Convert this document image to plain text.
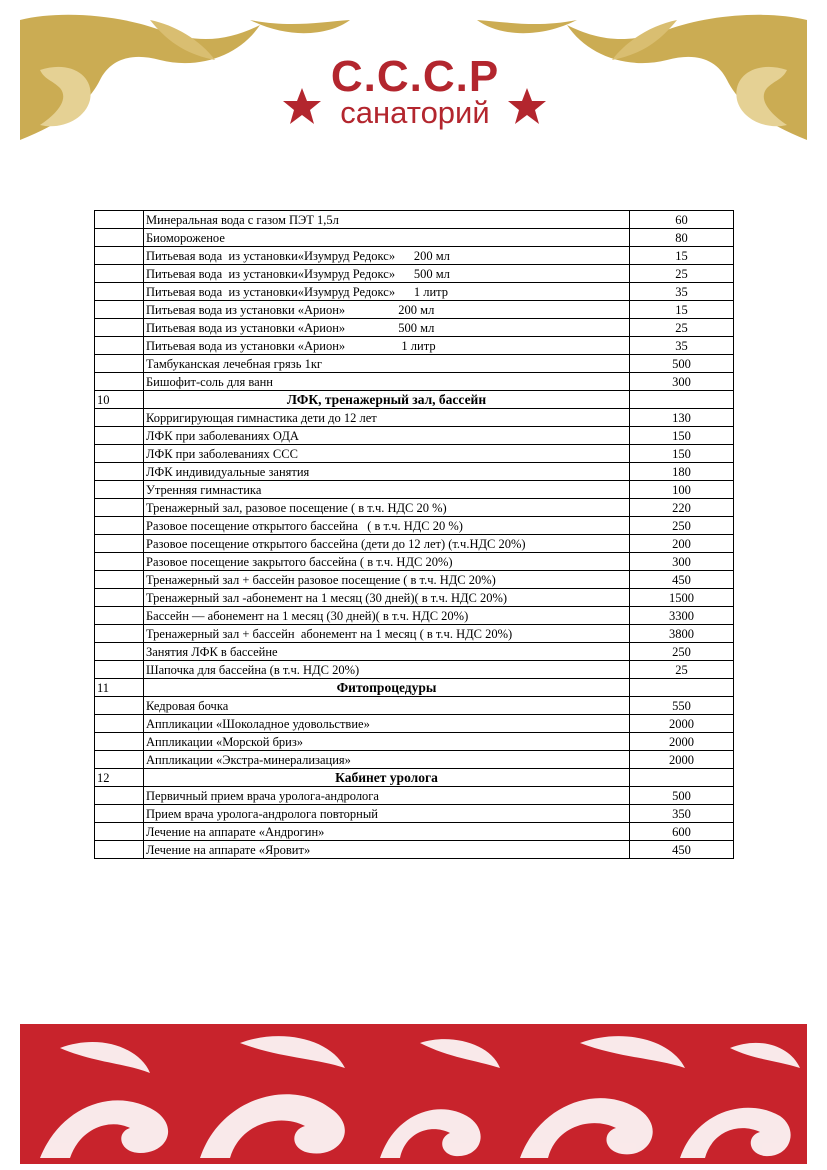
С.С.С.Р
санаторий
	Минеральная вода с газом ПЭТ 1,5л	60
	Биомороженое	80
	Питьевая вода  из установки«Изумруд Редокс»      200 мл	15
	Питьевая вода  из установки«Изумруд Редокс»      500 мл	25
	Питьевая вода  из установки«Изумруд Редокс»      1 литр	35
	Питьевая вода из установки «Арион»                 200 мл	15
	Питьевая вода из установки «Арион»                 500 мл	25
	Питьевая вода из установки «Арион»                  1 литр	35
	Тамбуканская лечебная грязь 1кг	500
	Бишофит-соль для ванн	300
10	ЛФК, тренажерный зал, бассейн	
	Корригирующая гимнастика дети до 12 лет	130
	ЛФК при заболеваниях ОДА	150
	ЛФК при заболеваниях ССС	150
	ЛФК индивидуальные занятия	180
	Утренняя гимнастика	100
	Тренажерный зал, разовое посещение ( в т.ч. НДС 20 %)	220
	Разовое посещение открытого бассейна   ( в т.ч. НДС 20 %)	250
	Разовое посещение открытого бассейна (дети до 12 лет) (т.ч.НДС 20%)	200
	Разовое посещение закрытого бассейна ( в т.ч. НДС 20%)	300
	Тренажерный зал + бассейн разовое посещение ( в т.ч. НДС 20%)	450
	Тренажерный зал -абонемент на 1 месяц (30 дней)( в т.ч. НДС 20%)	1500
	Бассейн — абонемент на 1 месяц (30 дней)( в т.ч. НДС 20%)	3300
	Тренажерный зал + бассейн  абонемент на 1 месяц ( в т.ч. НДС 20%)	3800
	Занятия ЛФК в бассейне	250
	Шапочка для бассейна (в т.ч. НДС 20%)	25
11	Фитопроцедуры	
	Кедровая бочка	550
	Аппликации «Шоколадное удовольствие»	2000
	Аппликации «Морской бриз»	2000
	Аппликации «Экстра-минерализация»	2000
12	Кабинет уролога	
	Первичный прием врача уролога-андролога	500
	Прием врача уролога-андролога повторный	350
	Лечение на аппарате «Андрогин»	600
	Лечение на аппарате «Яровит»	450
